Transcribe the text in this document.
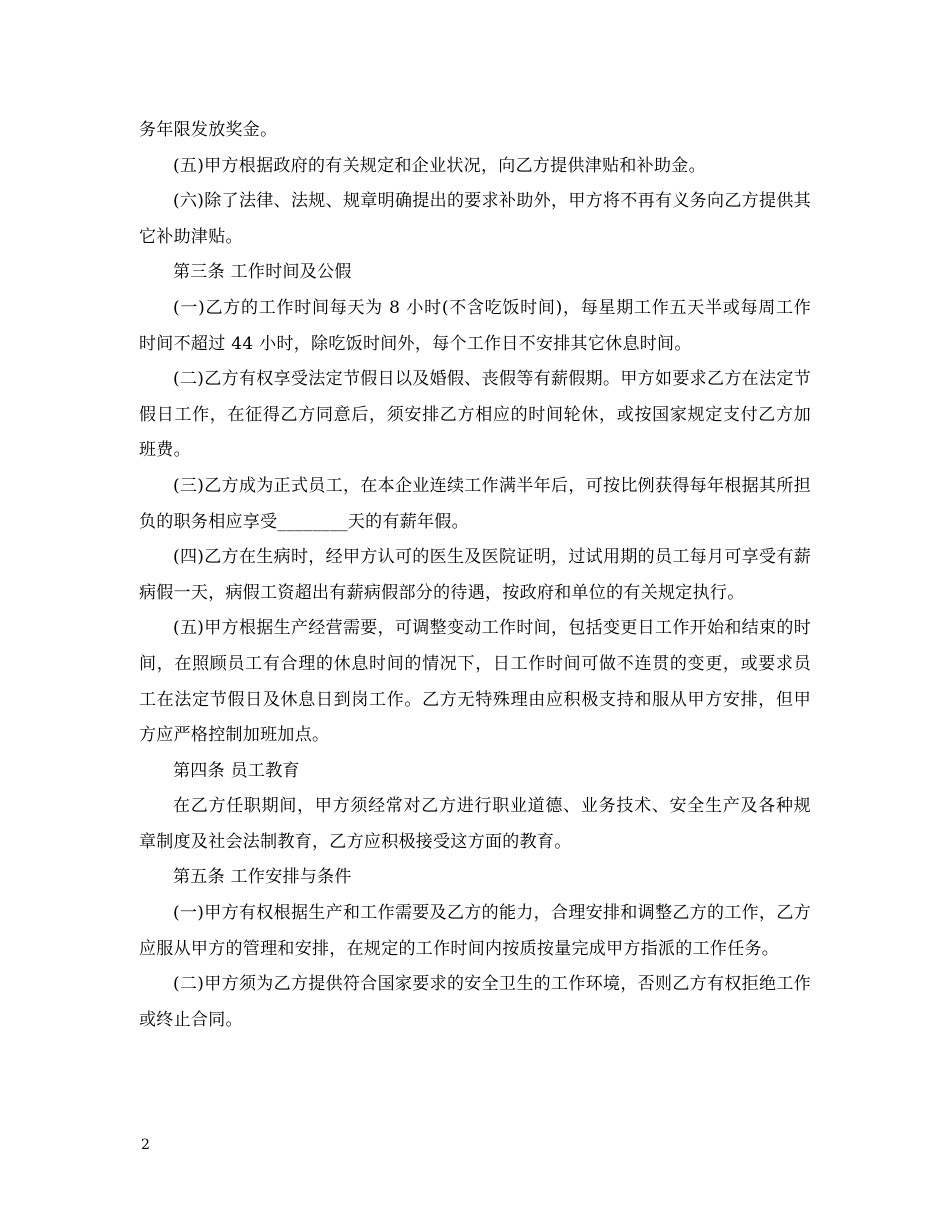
务年限发放奖金。

(五)甲方根据政府的有关规定和企业状况，向乙方提供津贴和补助金。

(六)除了法律、法规、规章明确提出的要求补助外，甲方将不再有义务向乙方提供其它补助津贴。

第三条 工作时间及公假

(一)乙方的工作时间每天为 8 小时(不含吃饭时间)，每星期工作五天半或每周工作时间不超过 44 小时，除吃饭时间外，每个工作日不安排其它休息时间。

(二)乙方有权享受法定节假日以及婚假、丧假等有薪假期。甲方如要求乙方在法定节假日工作，在征得乙方同意后，须安排乙方相应的时间轮休，或按国家规定支付乙方加班费。

(三)乙方成为正式员工，在本企业连续工作满半年后，可按比例获得每年根据其所担负的职务相应享受________天的有薪年假。

(四)乙方在生病时，经甲方认可的医生及医院证明，过试用期的员工每月可享受有薪病假一天，病假工资超出有薪病假部分的待遇，按政府和单位的有关规定执行。

(五)甲方根据生产经营需要，可调整变动工作时间，包括变更日工作开始和结束的时间，在照顾员工有合理的休息时间的情况下，日工作时间可做不连贯的变更，或要求员工在法定节假日及休息日到岗工作。乙方无特殊理由应积极支持和服从甲方安排，但甲方应严格控制加班加点。

第四条 员工教育

在乙方任职期间，甲方须经常对乙方进行职业道德、业务技术、安全生产及各种规章制度及社会法制教育，乙方应积极接受这方面的教育。

第五条 工作安排与条件

(一)甲方有权根据生产和工作需要及乙方的能力，合理安排和调整乙方的工作，乙方应服从甲方的管理和安排，在规定的工作时间内按质按量完成甲方指派的工作任务。

(二)甲方须为乙方提供符合国家要求的安全卫生的工作环境，否则乙方有权拒绝工作或终止合同。

2
